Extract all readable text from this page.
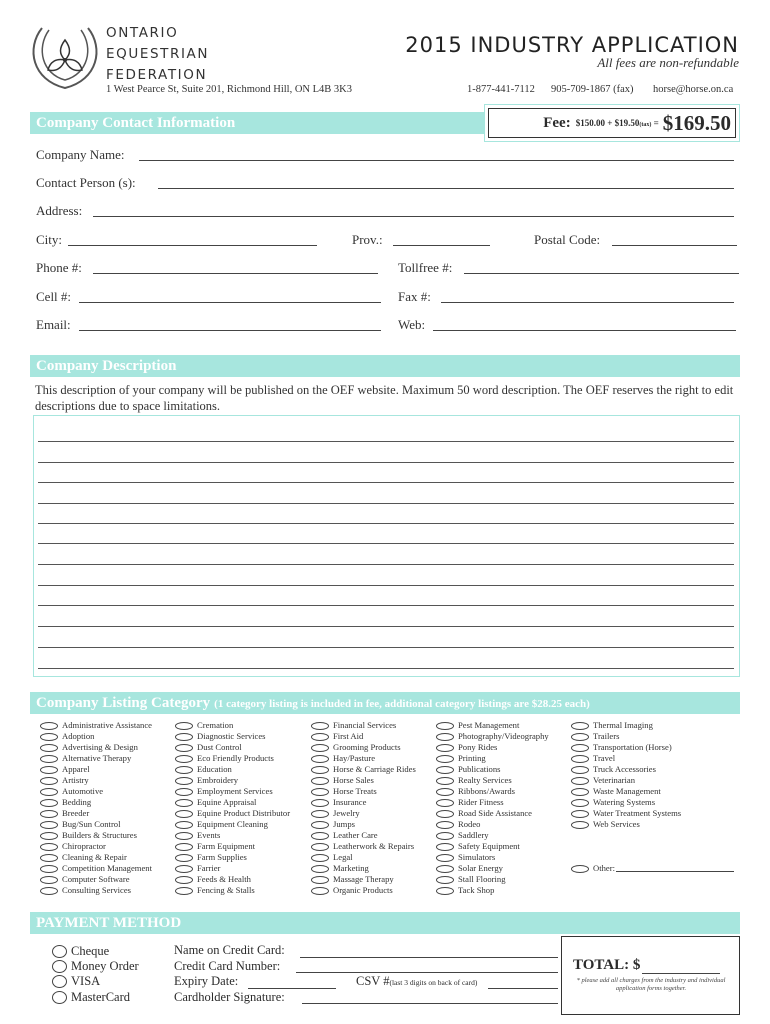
ONTARIO
EQUESTRIAN
FEDERATION
1 West Pearce St, Suite 201, Richmond Hill, ON L4B 3K3
2015 INDUSTRY APPLICATION
All fees are non-refundable
1-877-441-7112 905-709-1867 (fax) horse@horse.on.ca
Company Contact Information	Fee: $150.00 + $19.50(tax) = $169.50
Company Name:
Contact Person (s):
Address:
City:	Prov.:	Postal Code:
Phone #:	Tollfree #:
Cell #:	Fax #:
Email:	Web:
Company Description
This description of your company will be published on the OEF website. Maximum 50 word description. The OEF reserves the right to edit descriptions due to space limitations.
Company Listing Category (1 category listing is included in fee, additional category listings are $28.25 each)
Administrative Assistance
Adoption
Advertising & Design
Alternative Therapy
Apparel
Artistry
Automotive
Bedding
Breeder
Bug/Sun Control
Builders & Structures
Chiropractor
Cleaning & Repair
Competition Management
Computer Software
Consulting Services
Cremation
Diagnostic Services
Dust Control
Eco Friendly Products
Education
Embroidery
Employment Services
Equine Appraisal
Equine Product Distributor
Equipment Cleaning
Events
Farm Equipment
Farm Supplies
Farrier
Feeds & Health
Fencing & Stalls
Financial Services
First Aid
Grooming Products
Hay/Pasture
Horse & Carriage Rides
Horse Sales
Horse Treats
Insurance
Jewelry
Jumps
Leather Care
Leatherwork & Repairs
Legal
Marketing
Massage Therapy
Organic Products
Pest Management
Photography/Videography
Pony Rides
Printing
Publications
Realty Services
Ribbons/Awards
Rider Fitness
Road Side Assistance
Rodeo
Saddlery
Safety Equipment
Simulators
Solar Energy
Stall Flooring
Tack Shop
Thermal Imaging
Trailers
Transportation (Horse)
Travel
Truck Accessories
Veterinarian
Waste Management
Watering Systems
Water Treatment Systems
Web Services
Other:
PAYMENT METHOD
Cheque
Money Order
VISA
MasterCard
Name on Credit Card:
Credit Card Number:
Expiry Date:	CSV #(last 3 digits on back of card)
Cardholder Signature:
TOTAL: $
* please add all charges from the industry and individual application forms together.
